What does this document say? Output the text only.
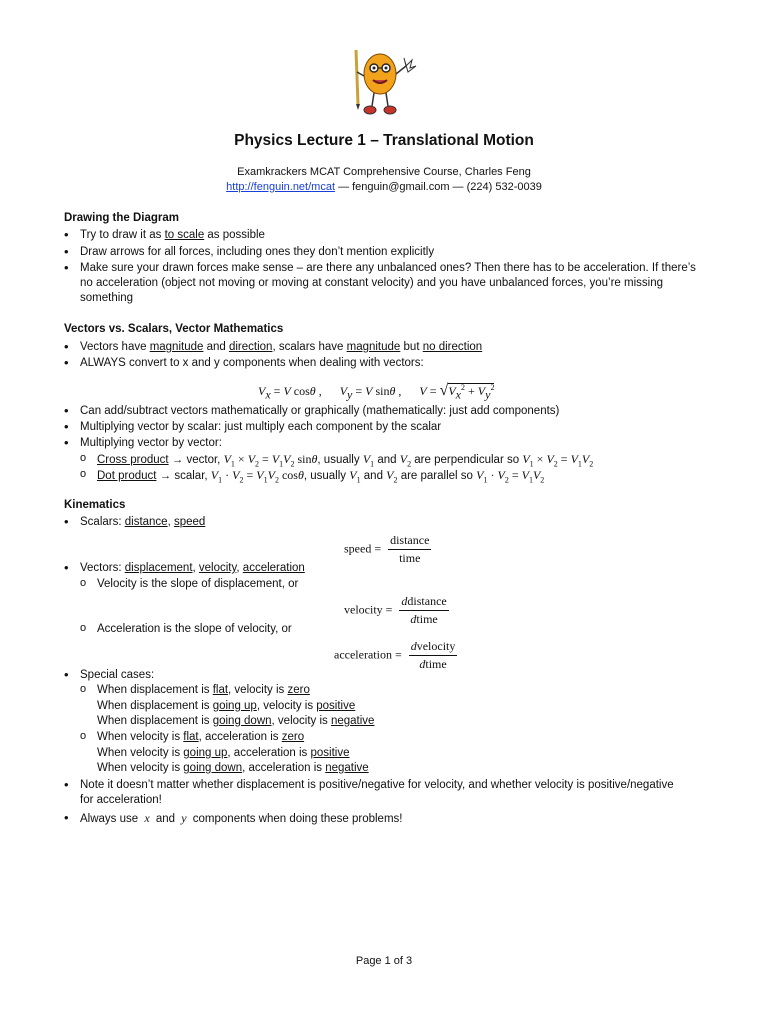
Physics Lecture 1 – Translational Motion
Examkrackers MCAT Comprehensive Course, Charles Feng
http://fenguin.net/mcat — fenguin@gmail.com — (224) 532-0039
Drawing the Diagram
• Try to draw it as to scale as possible
• Draw arrows for all forces, including ones they don’t mention explicitly
• Make sure your drawn forces make sense – are there any unbalanced ones? Then there has to be acceleration. If there’s
no acceleration (object not moving or moving at constant velocity) and you have unbalanced forces, you’re missing
something
Vectors vs. Scalars, Vector Mathematics
• Vectors have magnitude and direction, scalars have magnitude but no direction
• ALWAYS convert to x and y components when dealing with vectors:
$V_x = V$ cosθ ,      $V_y = V$ sinθ ,      $V = √V_x^2 + V_y^2$
• Can add/subtract vectors mathematically or graphically (mathematically: just add components)
• Multiplying vector by scalar: just multiply each component by the scalar
• Multiplying vector by vector:
o Cross product → vector, $V_1 \times V_2 = V_1V_2$ sinθ, usually $V_1$ and $V_2$ are perpendicular so $V_1 \times V_2 = V_1V_2$
o Dot product → scalar, $V_1 \cdot V_2 = V_1V_2$ cosθ, usually $V_1$ and $V_2$ are parallel so $V_1 \cdot V_2 = V_1V_2$
Kinematics
• Scalars: distance, speed
speed = $\frac{\text{distance}}{\text{time}}$
• Vectors: displacement, velocity, acceleration
o Velocity is the slope of displacement, or
velocity = $\frac{\text{ddistance}}{\text{dtime}}$
o Acceleration is the slope of velocity, or
acceleration = $\frac{\text{dvelocity}}{\text{dtime}}$
• Special cases:
o When displacement is flat, velocity is zero
When displacement is going up, velocity is positive
When displacement is going down, velocity is negative
o When velocity is flat, acceleration is zero
When velocity is going up, acceleration is positive
When velocity is going down, acceleration is negative
• Note it doesn’t matter whether displacement is positive/negative for velocity, and whether velocity is positive/negative
for acceleration!
• Always use  x  and  y  components when doing these problems!
Page 1 of 3
